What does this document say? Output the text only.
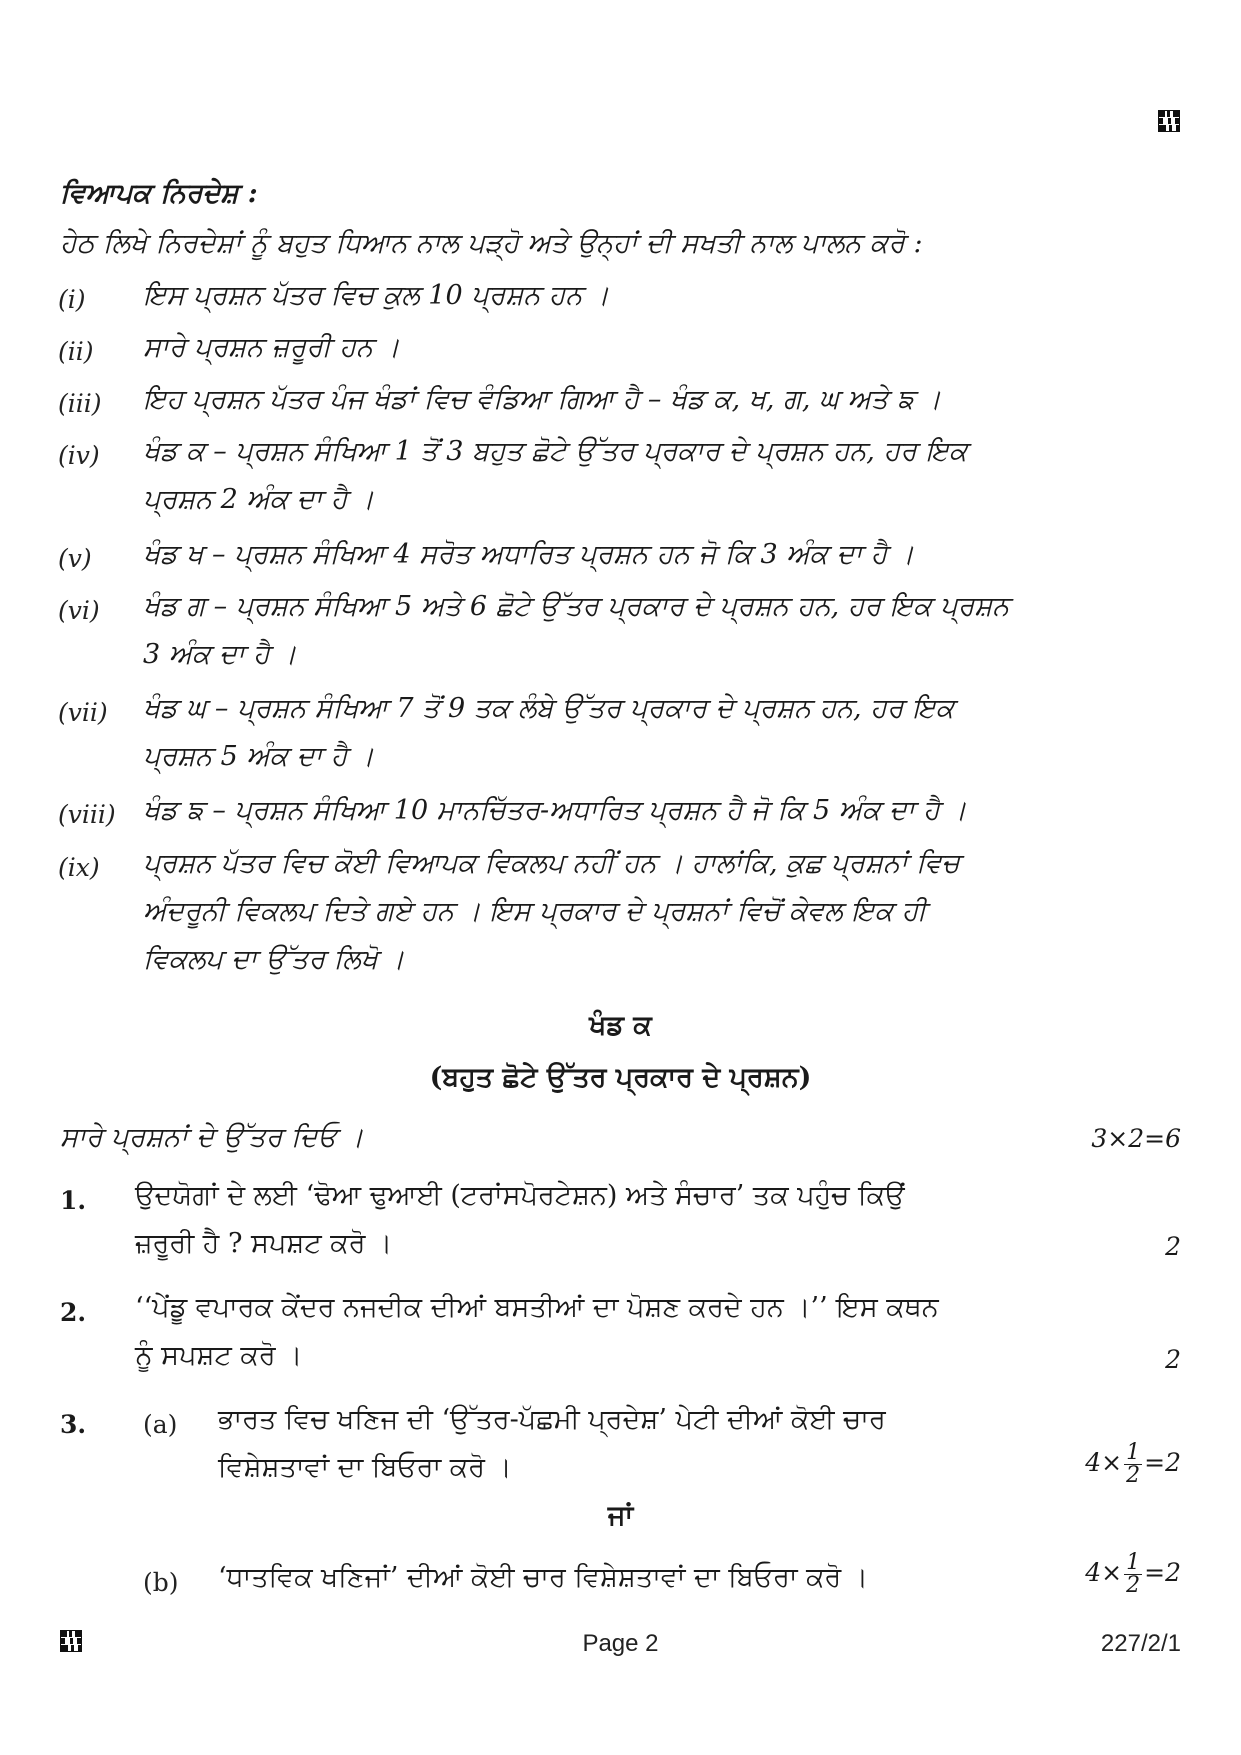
ਵਿਆਪਕ ਨਿਰਦੇਸ਼ :
ਹੇਠ ਲਿਖੇ ਨਿਰਦੇਸ਼ਾਂ ਨੂੰ ਬਹੁਤ ਧਿਆਨ ਨਾਲ ਪੜ੍ਹੋ ਅਤੇ ਉਨ੍ਹਾਂ ਦੀ ਸਖਤੀ ਨਾਲ ਪਾਲਨ ਕਰੋ :
(i) ਇਸ ਪ੍ਰਸ਼ਨ ਪੱਤਰ ਵਿਚ ਕੁਲ 10 ਪ੍ਰਸ਼ਨ ਹਨ ।
(ii) ਸਾਰੇ ਪ੍ਰਸ਼ਨ ਜ਼ਰੂਰੀ ਹਨ ।
(iii) ਇਹ ਪ੍ਰਸ਼ਨ ਪੱਤਰ ਪੰਜ ਖੰਡਾਂ ਵਿਚ ਵੰਡਿਆ ਗਿਆ ਹੈ – ਖੰਡ ਕ, ਖ, ਗ, ਘ ਅਤੇ ਙ ।
(iv) ਖੰਡ ਕ – ਪ੍ਰਸ਼ਨ ਸੰਖਿਆ 1 ਤੋਂ 3 ਬਹੁਤ ਛੋਟੇ ਉੱਤਰ ਪ੍ਰਕਾਰ ਦੇ ਪ੍ਰਸ਼ਨ ਹਨ, ਹਰ ਇਕ
ਪ੍ਰਸ਼ਨ 2 ਅੰਕ ਦਾ ਹੈ ।
(v) ਖੰਡ ਖ – ਪ੍ਰਸ਼ਨ ਸੰਖਿਆ 4 ਸਰੋਤ ਅਧਾਰਿਤ ਪ੍ਰਸ਼ਨ ਹਨ ਜੋ ਕਿ 3 ਅੰਕ ਦਾ ਹੈ ।
(vi) ਖੰਡ ਗ – ਪ੍ਰਸ਼ਨ ਸੰਖਿਆ 5 ਅਤੇ 6 ਛੋਟੇ ਉੱਤਰ ਪ੍ਰਕਾਰ ਦੇ ਪ੍ਰਸ਼ਨ ਹਨ, ਹਰ ਇਕ ਪ੍ਰਸ਼ਨ
3 ਅੰਕ ਦਾ ਹੈ ।
(vii) ਖੰਡ ਘ – ਪ੍ਰਸ਼ਨ ਸੰਖਿਆ 7 ਤੋਂ 9 ਤਕ ਲੰਬੇ ਉੱਤਰ ਪ੍ਰਕਾਰ ਦੇ ਪ੍ਰਸ਼ਨ ਹਨ, ਹਰ ਇਕ
ਪ੍ਰਸ਼ਨ 5 ਅੰਕ ਦਾ ਹੈ ।
(viii) ਖੰਡ ਙ – ਪ੍ਰਸ਼ਨ ਸੰਖਿਆ 10 ਮਾਨਚਿੱਤਰ-ਅਧਾਰਿਤ ਪ੍ਰਸ਼ਨ ਹੈ ਜੋ ਕਿ 5 ਅੰਕ ਦਾ ਹੈ ।
(ix) ਪ੍ਰਸ਼ਨ ਪੱਤਰ ਵਿਚ ਕੋਈ ਵਿਆਪਕ ਵਿਕਲਪ ਨਹੀਂ ਹਨ । ਹਾਲਾਂਕਿ, ਕੁਛ ਪ੍ਰਸ਼ਨਾਂ ਵਿਚ
ਅੰਦਰੂਨੀ ਵਿਕਲਪ ਦਿਤੇ ਗਏ ਹਨ । ਇਸ ਪ੍ਰਕਾਰ ਦੇ ਪ੍ਰਸ਼ਨਾਂ ਵਿਚੋਂ ਕੇਵਲ ਇਕ ਹੀ
ਵਿਕਲਪ ਦਾ ਉੱਤਰ ਲਿਖੋ ।
ਖੰਡ ਕ
(ਬਹੁਤ ਛੋਟੇ ਉੱਤਰ ਪ੍ਰਕਾਰ ਦੇ ਪ੍ਰਸ਼ਨ)
ਸਾਰੇ ਪ੍ਰਸ਼ਨਾਂ ਦੇ ਉੱਤਰ ਦਿਓ ।	3×2=6
1. ਉਦਯੋਗਾਂ ਦੇ ਲਈ ‘ਢੋਆ ਢੁਆਈ (ਟਰਾਂਸਪੋਰਟੇਸ਼ਨ) ਅਤੇ ਸੰਚਾਰ’ ਤਕ ਪਹੁੰਚ ਕਿਉਂ
ਜ਼ਰੂਰੀ ਹੈ ? ਸਪਸ਼ਟ ਕਰੋ ।	2
2. ‘‘ਪੇਂਡੂ ਵਪਾਰਕ ਕੇਂਦਰ ਨਜਦੀਕ ਦੀਆਂ ਬਸਤੀਆਂ ਦਾ ਪੋਸ਼ਣ ਕਰਦੇ ਹਨ ।’’ ਇਸ ਕਥਨ
ਨੂੰ ਸਪਸ਼ਟ ਕਰੋ ।	2
3. (a) ਭਾਰਤ ਵਿਚ ਖਣਿਜ ਦੀ ‘ਉੱਤਰ-ਪੱਛਮੀ ਪ੍ਰਦੇਸ਼’ ਪੇਟੀ ਦੀਆਂ ਕੋਈ ਚਾਰ
ਵਿਸ਼ੇਸ਼ਤਾਵਾਂ ਦਾ ਬਿਓਰਾ ਕਰੋ ।	$4\times \frac{1}{2} =2$
ਜਾਂ
(b) ‘ਧਾਤਵਿਕ ਖਣਿਜਾਂ’ ਦੀਆਂ ਕੋਈ ਚਾਰ ਵਿਸ਼ੇਸ਼ਤਾਵਾਂ ਦਾ ਬਿਓਰਾ ਕਰੋ ।	$4\times \frac{1}{2} =2$
Page 2	227/2/1
